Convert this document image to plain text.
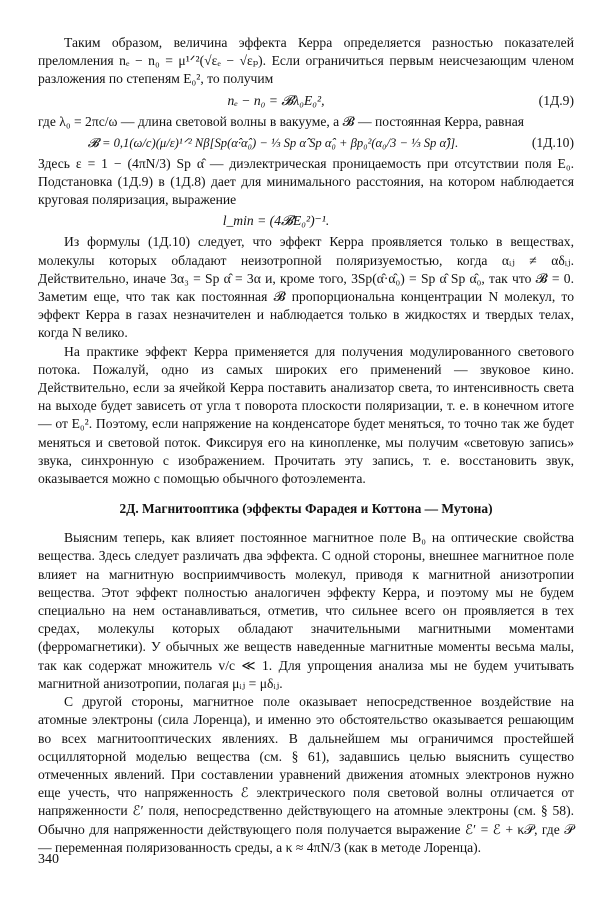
Таким образом, величина эффекта Керра определяется разностью показателей преломления nₑ − n₀ = μ¹ᐟ²(√εₑ − √εₚ). Если ограничиться первым неисчезающим членом разложения по степеням E₀², то получим

nₑ − n₀ = 𝓑λ₀E₀²,	(1Д.9)

где λ₀ = 2πc/ω — длина световой волны в вакууме, а 𝓑 — постоянная Керра, равная

𝓑 = 0,1(ω/c)(μ/ε)¹ᐟ² Nβ[Sp(α̂·α̂₀) − ⅓ Sp α̂ Sp α̂₀ + βp₀²(α₀/3 − ⅓ Sp α̂)].	(1Д.10)

Здесь ε = 1 − (4πN/3) Sp α̂ — диэлектрическая проницаемость при отсутствии поля E₀. Подстановка (1Д.9) в (1Д.8) дает для минимального расстояния, на котором наблюдается круговая поляризация, выражение

l_min = (4𝓑E₀²)⁻¹.

Из формулы (1Д.10) следует, что эффект Керра проявляется только в веществах, молекулы которых обладают неизотропной поляризуемостью, когда αᵢⱼ ≠ αδᵢⱼ. Действительно, иначе 3α₃ = Sp α̂ = 3α и, кроме того, 3Sp(α̂·α̂₀) = Sp α̂ Sp α̂₀, так что 𝓑 = 0. Заметим еще, что так как постоянная 𝓑 пропорциональна концентрации N молекул, то эффект Керра в газах незначителен и наблюдается только в жидкостях и твердых телах, когда N велико.

На практике эффект Керра применяется для получения модулированного светового потока. Пожалуй, одно из самых широких его применений — звуковое кино. Действительно, если за ячейкой Керра поставить анализатор света, то интенсивность света на выходе будет зависеть от угла τ поворота плоскости поляризации, т. е. в конечном итоге — от E₀². Поэтому, если напряжение на конденсаторе будет меняться, то точно так же будет меняться и световой поток. Фиксируя его на кинопленке, мы получим «световую запись» звука, синхронную с изображением. Прочитать эту запись, т. е. восстановить звук, оказывается можно с помощью обычного фотоэлемента.

2Д. Магнитооптика (эффекты Фарадея и Коттона — Мутона)

Выясним теперь, как влияет постоянное магнитное поле B₀ на оптические свойства вещества. Здесь следует различать два эффекта. С одной стороны, внешнее магнитное поле влияет на магнитную восприимчивость молекул, приводя к магнитной анизотропии вещества. Этот эффект полностью аналогичен эффекту Керра, и поэтому мы не будем специально на нем останавливаться, отметив, что сильнее всего он проявляется в тех средах, молекулы которых обладают значительными магнитными моментами (ферромагнетики). У обычных же веществ наведенные магнитные моменты весьма малы, так как содержат множитель v/c ≪ 1. Для упрощения анализа мы не будем учитывать магнитной анизотропии, полагая μᵢⱼ = μδᵢⱼ.

С другой стороны, магнитное поле оказывает непосредственное воздействие на атомные электроны (сила Лоренца), и именно это обстоятельство оказывается решающим во всех магнитооптических явлениях. В дальнейшем мы ограничимся простейшей осцилляторной моделью вещества (см. § 61), задавшись целью выяснить существо отмеченных явлений. При составлении уравнений движения атомных электронов нужно еще учесть, что напряженность ℰ электрического поля световой волны отличается от напряженности ℰ′ поля, непосредственно действующего на атомные электроны (см. § 58). Обычно для напряженности действующего поля получается выражение ℰ′ = ℰ + κ𝒫, где 𝒫 — переменная поляризованность среды, а κ ≈ 4πN/3 (как в методе Лоренца).

340
